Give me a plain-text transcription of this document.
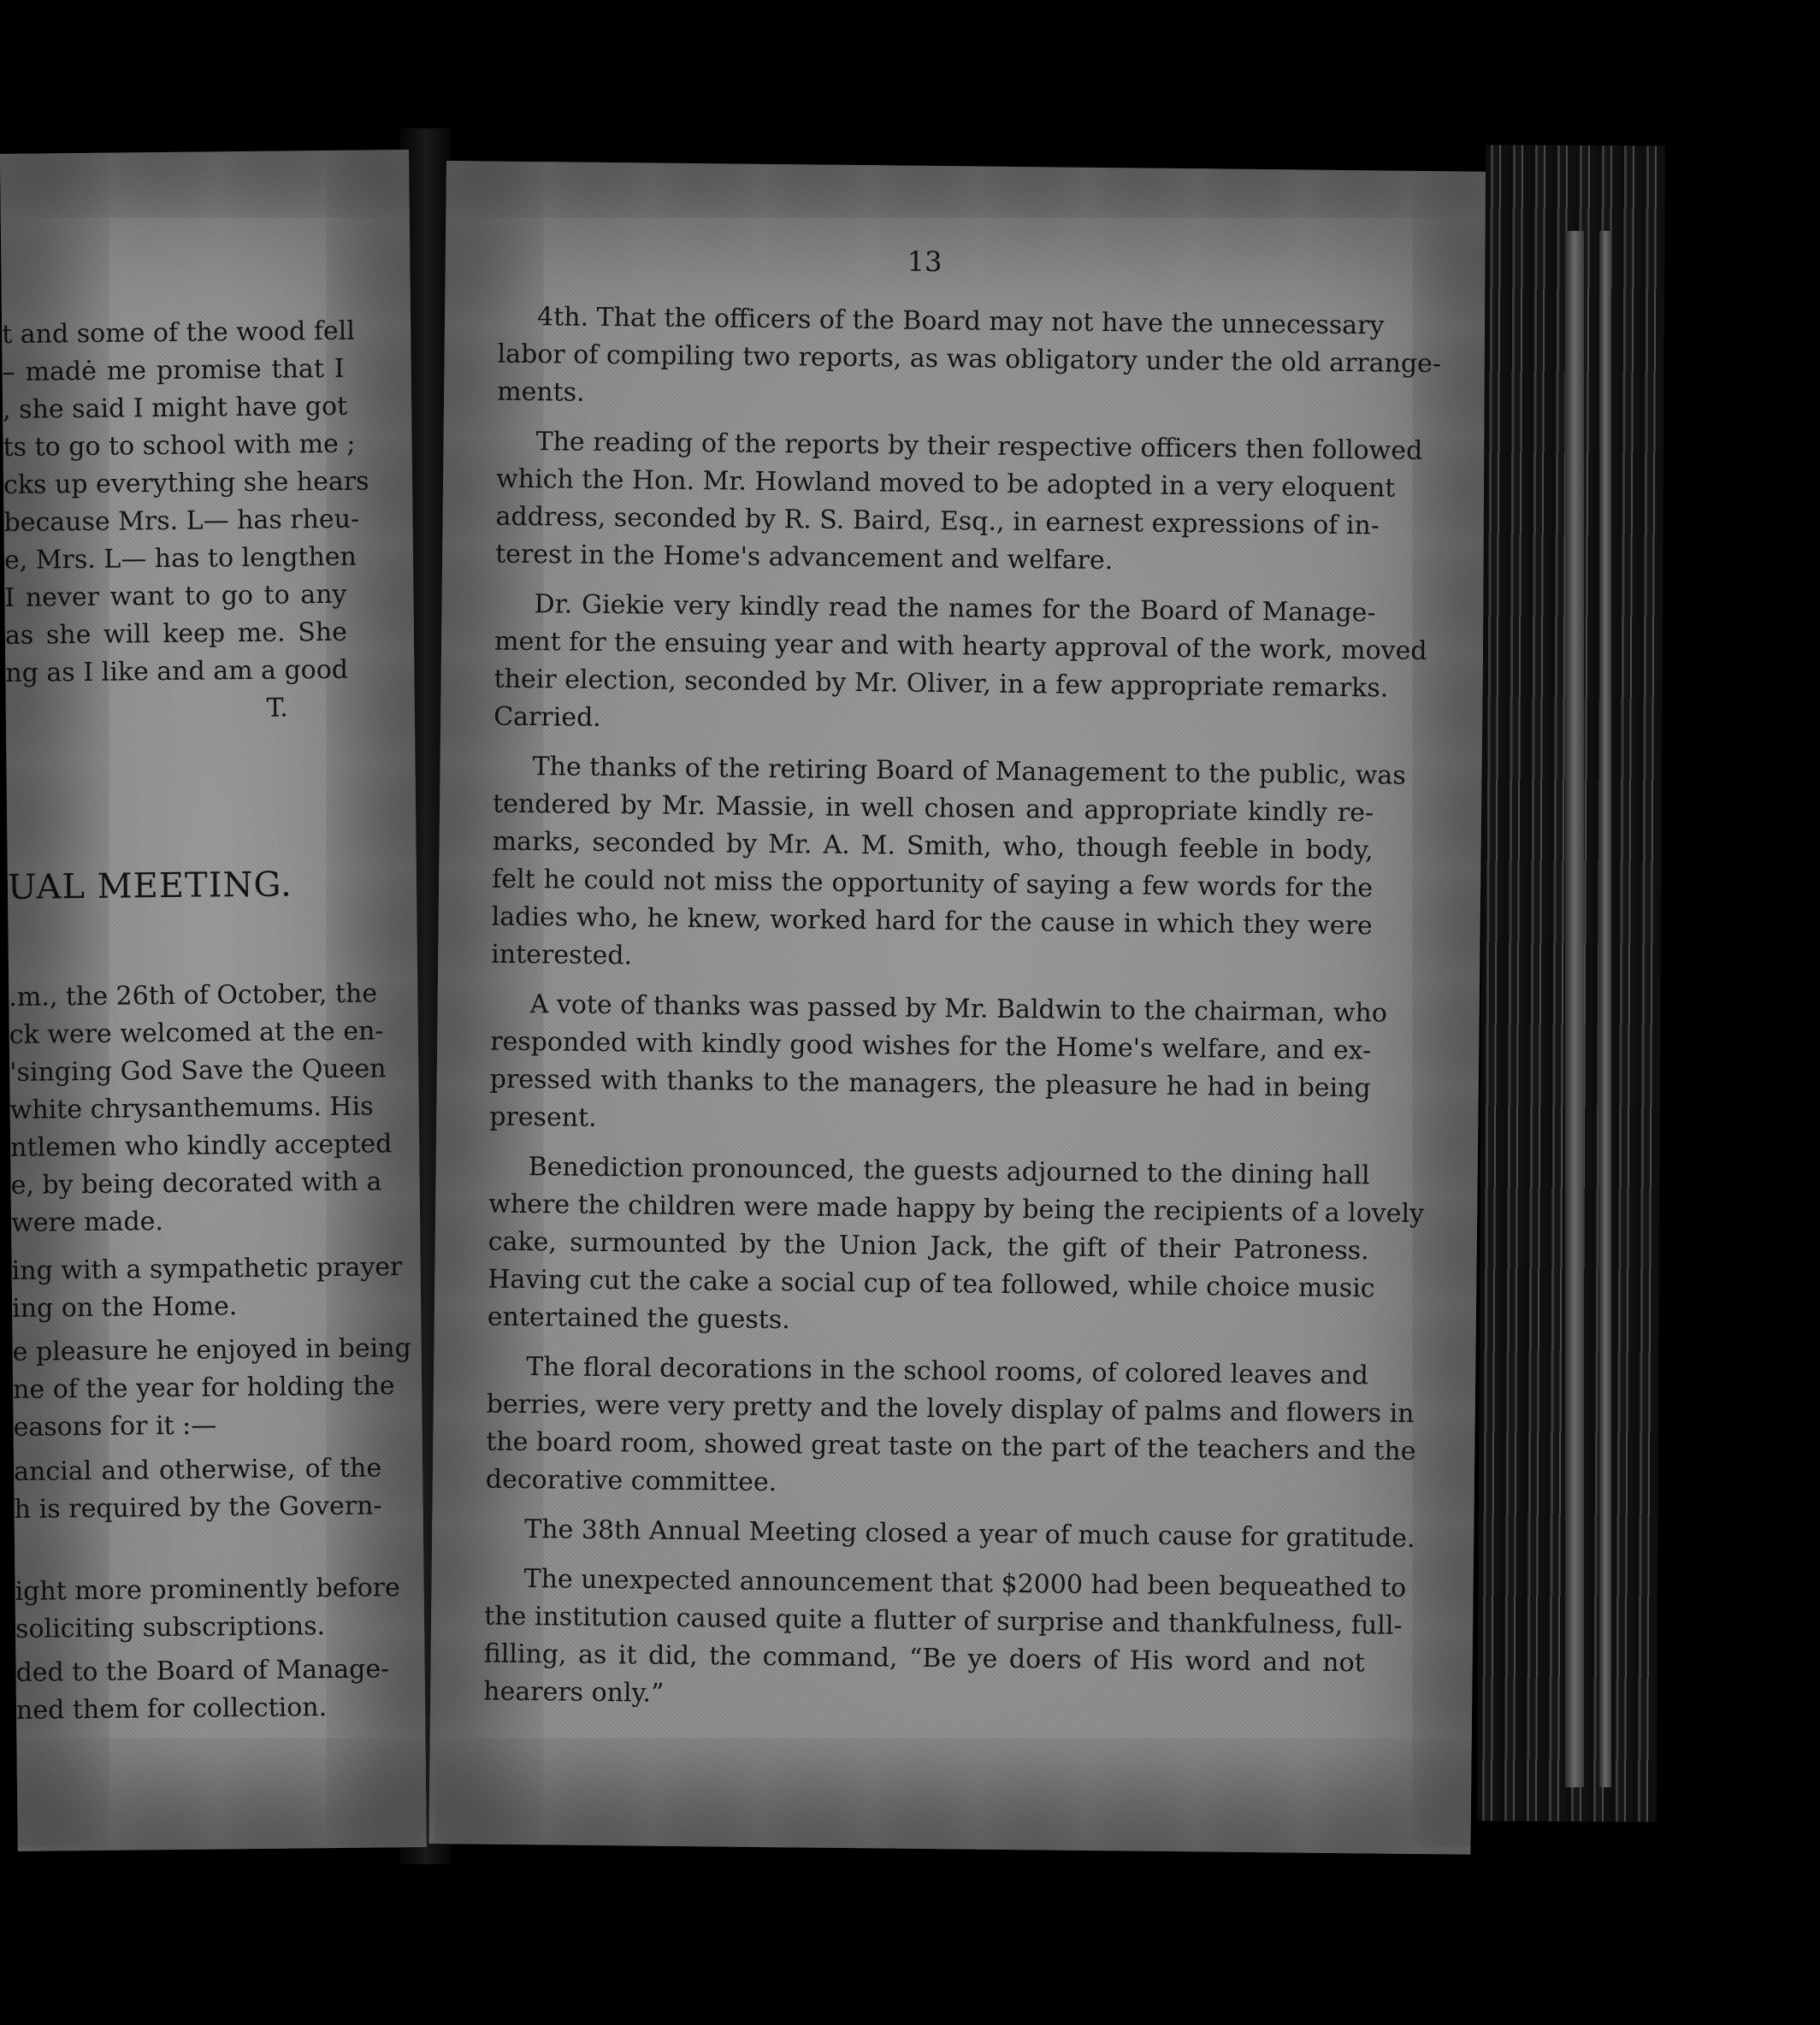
t and some of the wood fell
– madė me promise that I
, she said I might have got
ts to go to school with me ;
cks up everything she hears
because Mrs. L— has rheu-
e, Mrs. L— has to lengthen
I never want to go to any
as she will keep me. She
ng as I like and am a good
T.
UAL MEETING.
.m., the 26th of October, the
ck were welcomed at the en-
'singing God Save the Queen
white chrysanthemums. His
ntlemen who kindly accepted
e, by being decorated with a
were made.
ing with a sympathetic prayer
ing on the Home.
e pleasure he enjoyed in being
ne of the year for holding the
easons for it :—
ancial and otherwise, of the
h is required by the Govern-
ight more prominently before
soliciting subscriptions.
ded to the Board of Manage-
ned them for collection.
13
4th. That the officers of the Board may not have the unnecessary
labor of compiling two reports, as was obligatory under the old arrange-
ments.
The reading of the reports by their respective officers then followed
which the Hon. Mr. Howland moved to be adopted in a very eloquent
address, seconded by R. S. Baird, Esq., in earnest expressions of in-
terest in the Home's advancement and welfare.
Dr. Giekie very kindly read the names for the Board of Manage-
ment for the ensuing year and with hearty approval of the work, moved
their election, seconded by Mr. Oliver, in a few appropriate remarks.
Carried.
The thanks of the retiring Board of Management to the public, was
tendered by Mr. Massie, in well chosen and appropriate kindly re-
marks, seconded by Mr. A. M. Smith, who, though feeble in body,
felt he could not miss the opportunity of saying a few words for the
ladies who, he knew, worked hard for the cause in which they were
interested.
A vote of thanks was passed by Mr. Baldwin to the chairman, who
responded with kindly good wishes for the Home's welfare, and ex-
pressed with thanks to the managers, the pleasure he had in being
present.
Benediction pronounced, the guests adjourned to the dining hall
where the children were made happy by being the recipients of a lovely
cake, surmounted by the Union Jack, the gift of their Patroness.
Having cut the cake a social cup of tea followed, while choice music
entertained the guests.
The floral decorations in the school rooms, of colored leaves and
berries, were very pretty and the lovely display of palms and flowers in
the board room, showed great taste on the part of the teachers and the
decorative committee.
The 38th Annual Meeting closed a year of much cause for gratitude.
The unexpected announcement that $2000 had been bequeathed to
the institution caused quite a flutter of surprise and thankfulness, full-
filling, as it did, the command, “Be ye doers of His word and not
hearers only.”
